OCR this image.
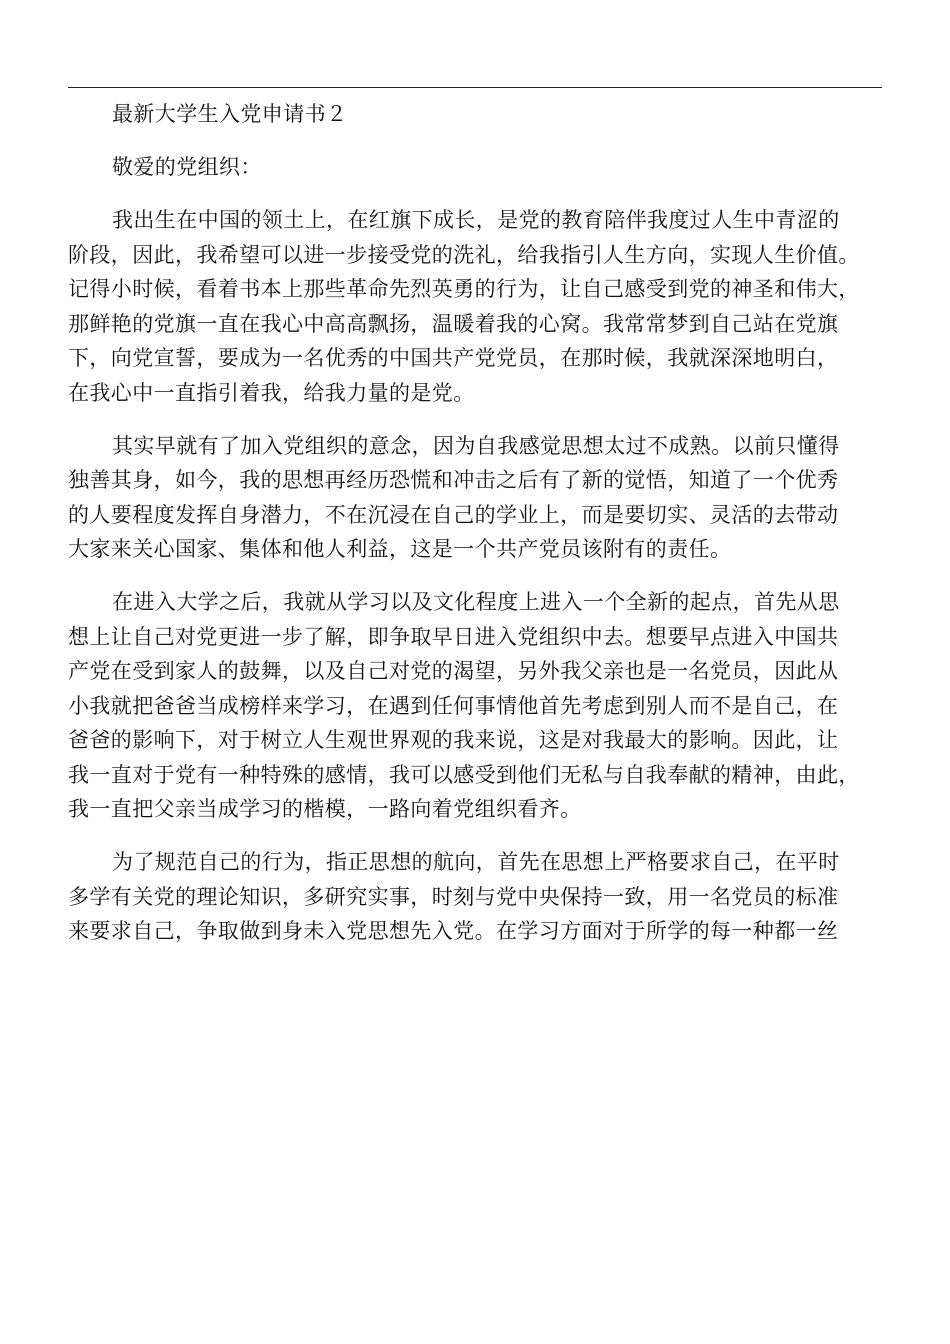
最新大学生入党申请书２
敬爱的党组织：
我出生在中国的领土上，在红旗下成长，是党的教育陪伴我度过人生中青涩的
阶段，因此，我希望可以进一步接受党的洗礼，给我指引人生方向，实现人生价值。
记得小时候，看着书本上那些革命先烈英勇的行为，让自己感受到党的神圣和伟大，
那鲜艳的党旗一直在我心中高高飘扬，温暖着我的心窝。我常常梦到自己站在党旗
下，向党宣誓，要成为一名优秀的中国共产党党员，在那时候，我就深深地明白，
在我心中一直指引着我，给我力量的是党。
其实早就有了加入党组织的意念，因为自我感觉思想太过不成熟。以前只懂得
独善其身，如今，我的思想再经历恐慌和冲击之后有了新的觉悟，知道了一个优秀
的人要程度发挥自身潜力，不在沉浸在自己的学业上，而是要切实、灵活的去带动
大家来关心国家、集体和他人利益，这是一个共产党员该附有的责任。
在进入大学之后，我就从学习以及文化程度上进入一个全新的起点，首先从思
想上让自己对党更进一步了解，即争取早日进入党组织中去。想要早点进入中国共
产党在受到家人的鼓舞，以及自己对党的渴望，另外我父亲也是一名党员，因此从
小我就把爸爸当成榜样来学习，在遇到任何事情他首先考虑到别人而不是自己，在
爸爸的影响下，对于树立人生观世界观的我来说，这是对我最大的影响。因此，让
我一直对于党有一种特殊的感情，我可以感受到他们无私与自我奉献的精神，由此，
我一直把父亲当成学习的楷模，一路向着党组织看齐。
为了规范自己的行为，指正思想的航向，首先在思想上严格要求自己，在平时
多学有关党的理论知识，多研究实事，时刻与党中央保持一致，用一名党员的标准
来要求自己，争取做到身未入党思想先入党。在学习方面对于所学的每一种都一丝
